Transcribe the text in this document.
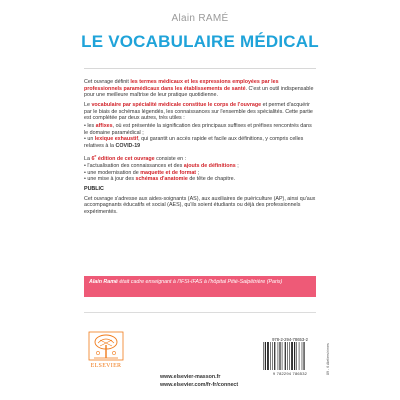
Alain RAMÉ
LE VOCABULAIRE MÉDICAL

Cet ouvrage définit les termes médicaux et les expressions employées par les professionnels paramédicaux dans les établissements de santé. C'est un outil indispensable pour une meilleure maîtrise de leur pratique quotidienne.

Le vocabulaire par spécialité médicale constitue le corps de l'ouvrage et permet d'acquérir par le biais de schémas légendés, les connaissances sur l'ensemble des spécialités. Cette partie est complétée par deux autres, très utiles :

• les affixes, où est présentée la signification des principaux suffixes et préfixes rencontrés dans le domaine paramédical ;
• un lexique exhaustif, qui garantit un accès rapide et facile aux définitions, y compris celles relatives à la COVID-19

La 6e édition de cet ouvrage consiste en :

• l'actualisation des connaissances et des ajouts de définitions ;
• une modernisation de maquette et de format ;
• une mise à jour des schémas d'anatomie de tête de chapitre.

PUBLIC

Cet ouvrage s'adresse aux aides-soignants (AS), aux auxiliaires de puériculture (AP), ainsi qu'aux accompagnants éducatifs et social (AES), qu'ils soient étudiants ou déjà des professionnels expérimentés.

Alain Ramé était cadre enseignant à l'IFSI-IFAS à l'hôpital Pitié-Salpêtrière (Paris)
ELSEVIER
www.elsevier-masson.fr
www.elsevier.com/fr-fr/connect
978-2-294-78653-2
9 782294 786532	89 - 6 Ateliers/rimes
